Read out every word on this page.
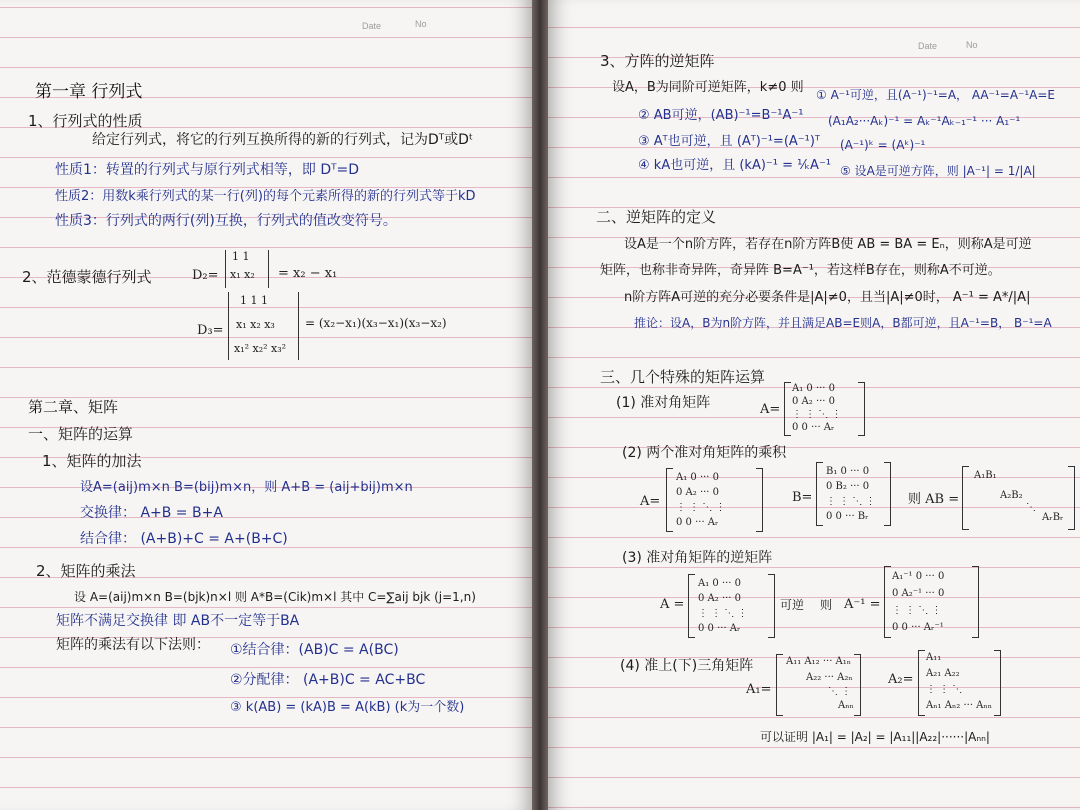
Date	No
第一章 行列式
1、行列式的性质
给定行列式，将它的行列互换所得的新的行列式，记为Dᵀ或Dᵗ
性质1：转置的行列式与原行列式相等，即 Dᵀ=D
性质2：用数k乘行列式的某一行(列)的每个元素所得的新的行列式等于kD
性质3：行列式的两行(列)互换，行列式的值改变符号。
2、范德蒙德行列式	D₂=
1 1
x₁ x₂ = x₂ − x₁
D₃=
1 1 1
x₁ x₂ x₃
x₁² x₂² x₃²
= (x₂−x₁)(x₃−x₁)(x₃−x₂)
第二章、矩阵
一、矩阵的运算
1、矩阵的加法
设A=(aij)m×n B=(bij)m×n，则 A+B = (aij+bij)m×n
交换律： A+B = B+A
结合律： (A+B)+C = A+(B+C)
2、矩阵的乘法
设 A=(aij)m×n B=(bjk)n×l 则 A*B=(Cik)m×l 其中 C=∑aij bjk (j=1,n)
矩阵不满足交换律 即 AB不一定等于BA
矩阵的乘法有以下法则： ①结合律：(AB)C = A(BC)
②分配律： (A+B)C = AC+BC
③ k(AB) = (kA)B = A(kB) (k为一个数)
Date	No
3、方阵的逆矩阵
设A，B为同阶可逆矩阵，k≠0 则 ① A⁻¹可逆，且(A⁻¹)⁻¹=A， AA⁻¹=A⁻¹A=E
② AB可逆，(AB)⁻¹=B⁻¹A⁻¹ (A₁A₂···Aₖ)⁻¹ = Aₖ⁻¹Aₖ₋₁⁻¹ ··· A₁⁻¹
③ Aᵀ也可逆，且 (Aᵀ)⁻¹=(A⁻¹)ᵀ (A⁻¹)ᵏ = (Aᵏ)⁻¹
④ kA也可逆，且 (kA)⁻¹ = ¹⁄ₖA⁻¹ ⑤ 设A是可逆方阵，则 |A⁻¹| = 1/|A|
二、逆矩阵的定义
设A是一个n阶方阵，若存在n阶方阵B使 AB = BA = Eₙ，则称A是可逆
矩阵，也称非奇异阵，奇异阵 B=A⁻¹，若这样B存在，则称A不可逆。
n阶方阵A可逆的充分必要条件是|A|≠0，且当|A|≠0时， A⁻¹ = A*/|A|
推论：设A，B为n阶方阵，并且满足AB=E则A，B都可逆，且A⁻¹=B， B⁻¹=A
三、几个特殊的矩阵运算
(1) 准对角矩阵	A=
A₁ 0 ··· 0
0 A₂ ··· 0
⋮ ⋮ ⋱ ⋮
0 0 ··· Aᵣ
(2) 两个准对角矩阵的乘积
A=
A₁ 0 ··· 0
0 A₂ ··· 0
⋮ ⋮ ⋱ ⋮
0 0 ··· Aᵣ
B=
B₁ 0 ··· 0
0 B₂ ··· 0
⋮ ⋮ ⋱ ⋮
0 0 ··· Bᵣ
则 AB =
A₁B₁
A₂B₂
⋱
AᵣBᵣ
(3) 准对角矩阵的逆矩阵
A =
A₁ 0 ··· 0
0 A₂ ··· 0
⋮ ⋮ ⋱ ⋮
0 0 ··· Aᵣ
可逆 则 A⁻¹ =
A₁⁻¹ 0 ··· 0
0 A₂⁻¹ ··· 0
⋮ ⋮ ⋱ ⋮
0 0 ··· Aᵣ⁻¹
(4) 准上(下)三角矩阵
A₁=
A₁₁ A₁₂ ··· A₁ₙ
A₂₂ ··· A₂ₙ
⋱ ⋮
Aₙₙ
A₂=
A₁₁
A₂₁ A₂₂
⋮ ⋮ ⋱
Aₙ₁ Aₙ₂ ··· Aₙₙ
可以证明 |A₁| = |A₂| = |A₁₁||A₂₂|······|Aₙₙ|
